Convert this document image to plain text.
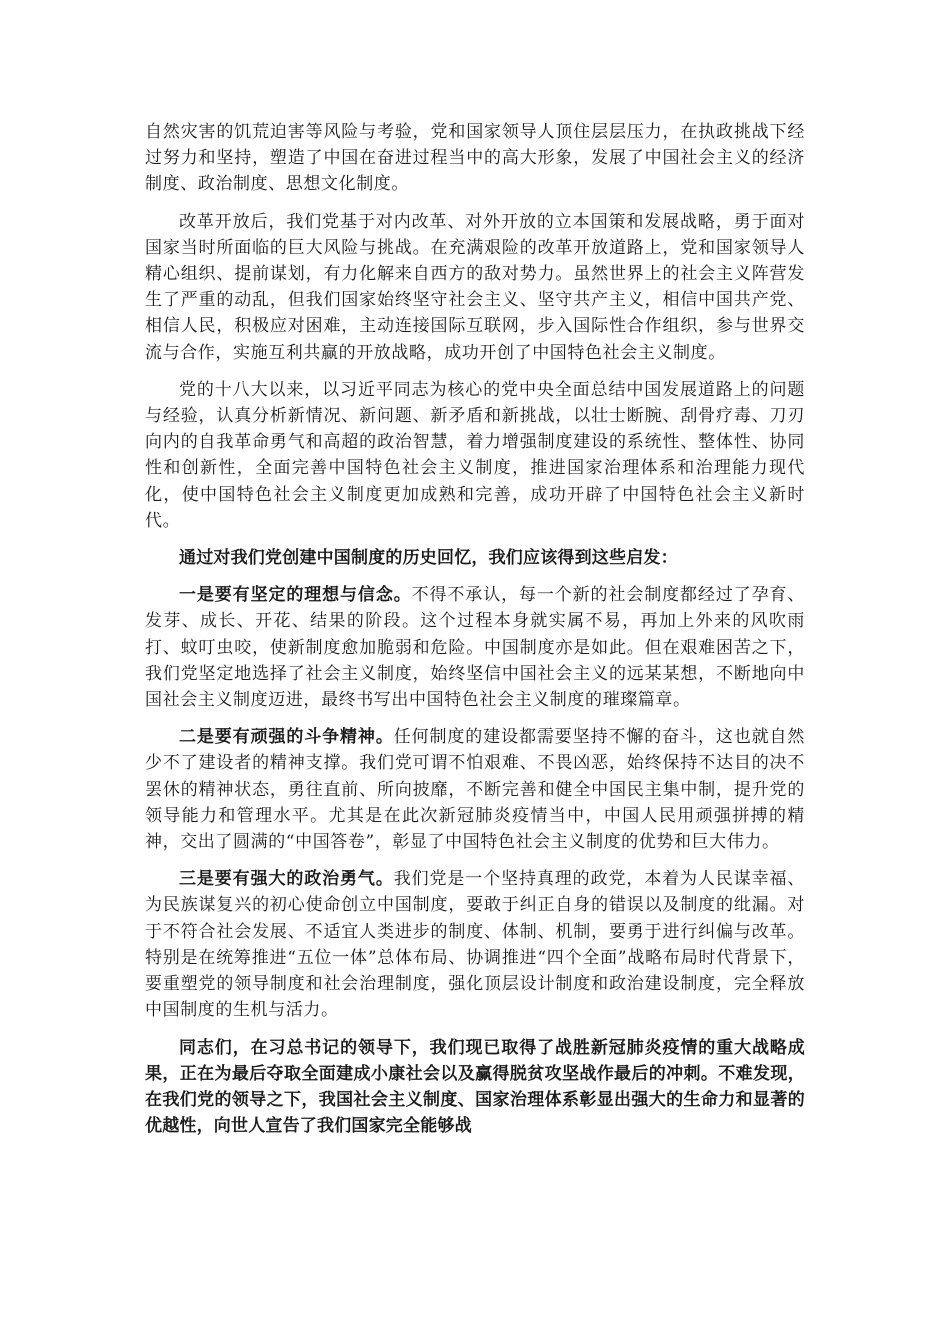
自然灾害的饥荒迫害等风险与考验，党和国家领导人顶住层层压力，在执政挑战下经过努力和坚持，塑造了中国在奋进过程当中的高大形象，发展了中国社会主义的经济制度、政治制度、思想文化制度。

改革开放后，我们党基于对内改革、对外开放的立本国策和发展战略，勇于面对国家当时所面临的巨大风险与挑战。在充满艰险的改革开放道路上，党和国家领导人精心组织、提前谋划，有力化解来自西方的敌对势力。虽然世界上的社会主义阵营发生了严重的动乱，但我们国家始终坚守社会主义、坚守共产主义，相信中国共产党、相信人民，积极应对困难，主动连接国际互联网，步入国际性合作组织，参与世界交流与合作，实施互利共赢的开放战略，成功开创了中国特色社会主义制度。

党的十八大以来，以习近平同志为核心的党中央全面总结中国发展道路上的问题与经验，认真分析新情况、新问题、新矛盾和新挑战，以壮士断腕、刮骨疗毒、刀刃向内的自我革命勇气和高超的政治智慧，着力增强制度建设的系统性、整体性、协同性和创新性，全面完善中国特色社会主义制度，推进国家治理体系和治理能力现代化，使中国特色社会主义制度更加成熟和完善，成功开辟了中国特色社会主义新时代。

通过对我们党创建中国制度的历史回忆，我们应该得到这些启发：

一是要有坚定的理想与信念。不得不承认，每一个新的社会制度都经过了孕育、发芽、成长、开花、结果的阶段。这个过程本身就实属不易，再加上外来的风吹雨打、蚊叮虫咬，使新制度愈加脆弱和危险。中国制度亦是如此。但在艰难困苦之下，我们党坚定地选择了社会主义制度，始终坚信中国社会主义的远某某想，不断地向中国社会主义制度迈进，最终书写出中国特色社会主义制度的璀璨篇章。

二是要有顽强的斗争精神。任何制度的建设都需要坚持不懈的奋斗，这也就自然少不了建设者的精神支撑。我们党可谓不怕艰难、不畏凶恶，始终保持不达目的决不罢休的精神状态，勇往直前、所向披靡，不断完善和健全中国民主集中制，提升党的领导能力和管理水平。尤其是在此次新冠肺炎疫情当中，中国人民用顽强拼搏的精神，交出了圆满的“中国答卷”，彰显了中国特色社会主义制度的优势和巨大伟力。

三是要有强大的政治勇气。我们党是一个坚持真理的政党，本着为人民谋幸福、为民族谋复兴的初心使命创立中国制度，要敢于纠正自身的错误以及制度的纰漏。对于不符合社会发展、不适宜人类进步的制度、体制、机制，要勇于进行纠偏与改革。特别是在统筹推进“五位一体”总体布局、协调推进“四个全面”战略布局时代背景下，要重塑党的领导制度和社会治理制度，强化顶层设计制度和政治建设制度，完全释放中国制度的生机与活力。

同志们，在习总书记的领导下，我们现已取得了战胜新冠肺炎疫情的重大战略成果，正在为最后夺取全面建成小康社会以及赢得脱贫攻坚战作最后的冲刺。不难发现，在我们党的领导之下，我国社会主义制度、国家治理体系彰显出强大的生命力和显著的优越性，向世人宣告了我们国家完全能够战
